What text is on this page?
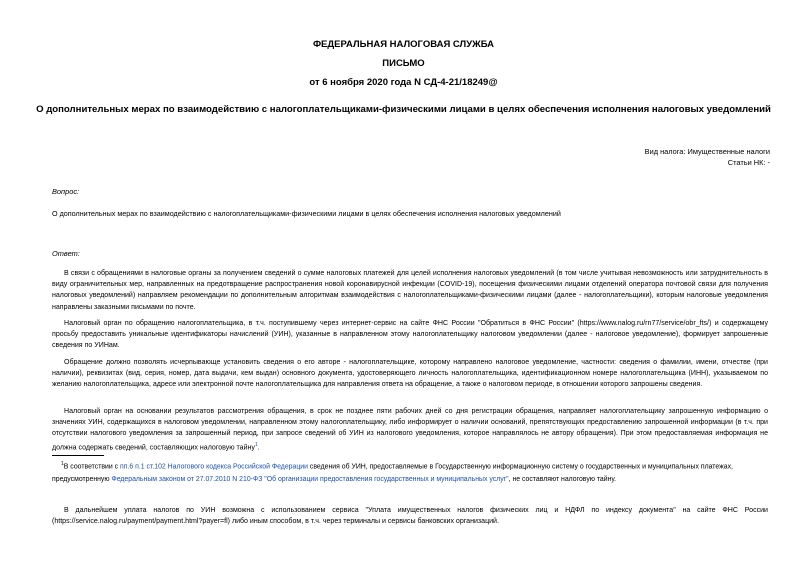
ФЕДЕРАЛЬНАЯ НАЛОГОВАЯ СЛУЖБА
ПИСЬМО
от 6 ноября 2020 года N СД-4-21/18249@
О дополнительных мерах по взаимодействию с налогоплательщиками-физическими лицами в целях обеспечения исполнения налоговых уведомлений
Вид налога: Имущественные налоги
Статьи НК: -
Вопрос:
О дополнительных мерах по взаимодействию с налогоплательщиками-физическими лицами в целях обеспечения исполнения налоговых уведомлений
Ответ:
В связи с обращениями в налоговые органы за получением сведений о сумме налоговых платежей для целей исполнения налоговых уведомлений (в том числе учитывая невозможность или затруднительность в виду ограничительных мер, направленных на предотвращение распространения новой коронавирусной инфекции (COVID-19), посещения физическими лицами отделений оператора почтовой связи для получения налоговых уведомлений) направляем рекомендации по дополнительным алгоритмам взаимодействия с налогоплательщиками-физическими лицами (далее - налогоплательщики), которым налоговые уведомления направлены заказными письмами по почте.
Налоговый орган по обращению налогоплательщика, в т.ч. поступившему через интернет-сервис на сайте ФНС России "Обратиться в ФНС России" (https://www.nalog.ru/rn77/service/obr_fts/) и содержащему просьбу предоставить уникальные идентификаторы начислений (УИН), указанные в направленном этому налогоплательщику налоговом уведомлении (далее - налоговое уведомление), формирует запрошенные сведения по УИНам.
Обращение должно позволять исчерпывающе установить сведения о его авторе - налогоплательщике, которому направлено налоговое уведомление, частности: сведения о фамилии, имени, отчестве (при наличии), реквизитах (вид, серия, номер, дата выдачи, кем выдан) основного документа, удостоверяющего личность налогоплательщика, идентификационном номере налогоплательщика (ИНН), указываемом по желанию налогоплательщика, адресе или электронной почте налогоплательщика для направления ответа на обращение, а также о налоговом периоде, в отношении которого запрошены сведения.
Налоговый орган на основании результатов рассмотрения обращения, в срок не позднее пяти рабочих дней со дня регистрации обращения, направляет налогоплательщику запрошенную информацию о значениях УИН, содержащихся в налоговом уведомлении, направленном этому налогоплательщику, либо информирует о наличии оснований, препятствующих предоставлению запрошенной информации (в т.ч. при отсутствии налогового уведомления за запрошенный период, при запросе сведений об УИН из налогового уведомления, которое направлялось не автору обращения). При этом предоставляемая информация не должна содержать сведений, составляющих налоговую тайну$^1$.
$^1$В соответствии с пп.6 п.1 ст.102 Налогового кодекса Российской Федерации сведения об УИН, предоставляемые в Государственную информационную систему о государственных и муниципальных платежах, предусмотренную Федеральным законом от 27.07.2010 N 210-ФЗ "Об организации предоставления государственных и муниципальных услуг", не составляют налоговую тайну.
В дальнейшем уплата налогов по УИН возможна с использованием сервиса "Уплата имущественных налогов физических лиц и НДФЛ по индексу документа" на сайте ФНС России (https://service.nalog.ru/payment/payment.html?payer=fl) либо иным способом, в т.ч. через терминалы и сервисы банковских организаций.
